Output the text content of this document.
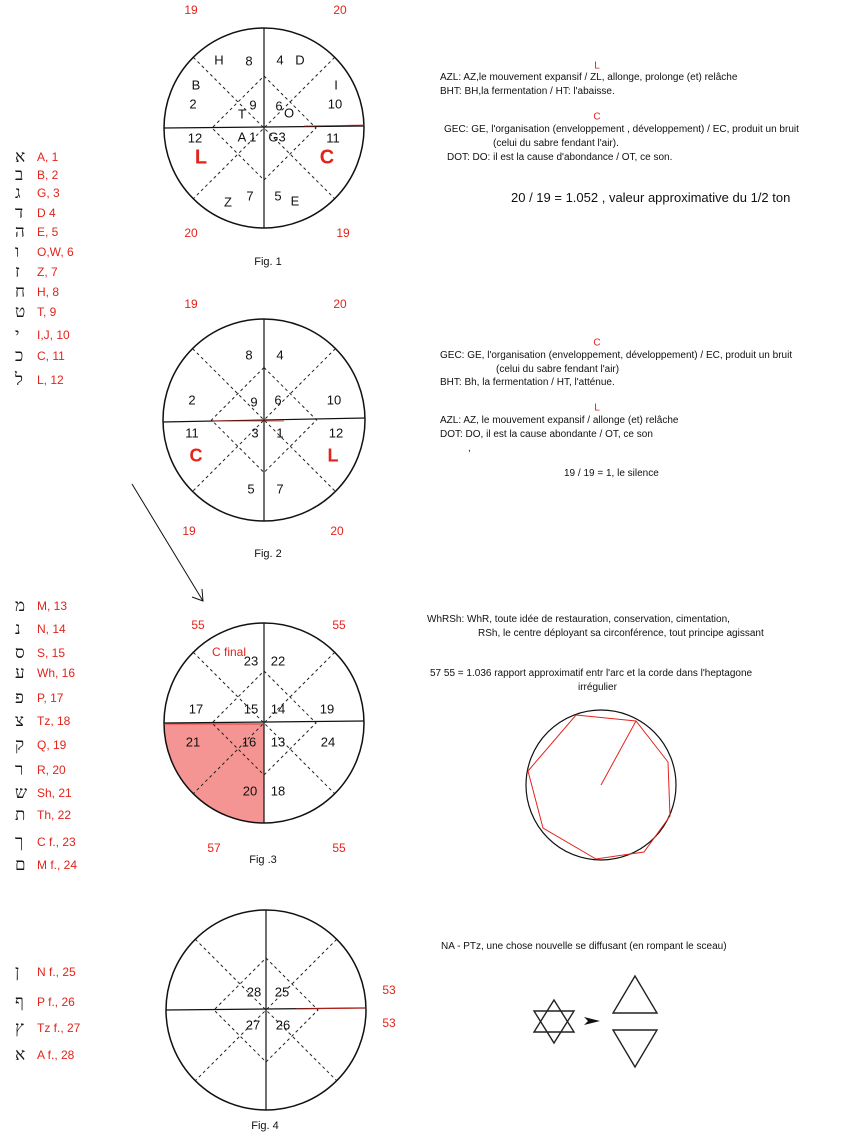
א A, 1
ב B, 2
ג G, 3
ד D 4
ה E, 5
ו O,W, 6
ז Z, 7
ח H, 8
ט T, 9
י I,J, 10
כ C, 11
ל L, 12
מ M, 13
נ N, 14
ס S, 15
ע Wh, 16
פ P, 17
צ Tz, 18
ק Q, 19
ר R, 20
ש Sh, 21
ת Th, 22
ך C f., 23
ם M f., 24
ן N f., 25
ף P f., 26
ץ Tz f., 27
א A f., 28
H 8 4 D
B	I
2	9
T
6 O
10
12	A 1 G3	11
7
Z	5 E
L	C
19	20
20	19
Fig. 1
L
AZL: AZ,le mouvement expansif / ZL, allonge, prolonge (et) relâche
BHT: BH,la fermentation / HT: l'abaisse.
C
GEC: GE, l'organisation (enveloppement , développement) / EC, produit un bruit
(celui du sabre fendant l'air).
DOT: DO: il est la cause d'abondance / OT, ce son.
20 / 19 = 1.052 , valeur approximative du 1/2 ton
8 4
2	9 6	10
11	3 1	12
5 7
C	L
19	20
19	20
Fig. 2
C
GEC: GE, l'organisation (enveloppement, développement) / EC, produit un bruit
(celui du sabre fendant l'air)
BHT: Bh, la fermentation / HT, l'atténue.
L
AZL: AZ, le mouvement expansif / allonge (et) relâche
DOT: DO, il est la cause abondante / OT, ce son
,
19 / 19 = 1, le silence
23 22
17	15 14	19
21	16 13	24
20 18
C final
55	55
57	55
Fig .3
WhRSh: WhR, toute idée de restauration, conservation, cimentation,
RSh, le centre déployant sa circonférence, tout principe agissant
57 55 = 1.036 rapport approximatif entr l'arc et la corde dans l'heptagone
irrégulier
28 25
27 26
53
53
Fig. 4
NA - PTz, une chose nouvelle se diffusant (en rompant le sceau)
